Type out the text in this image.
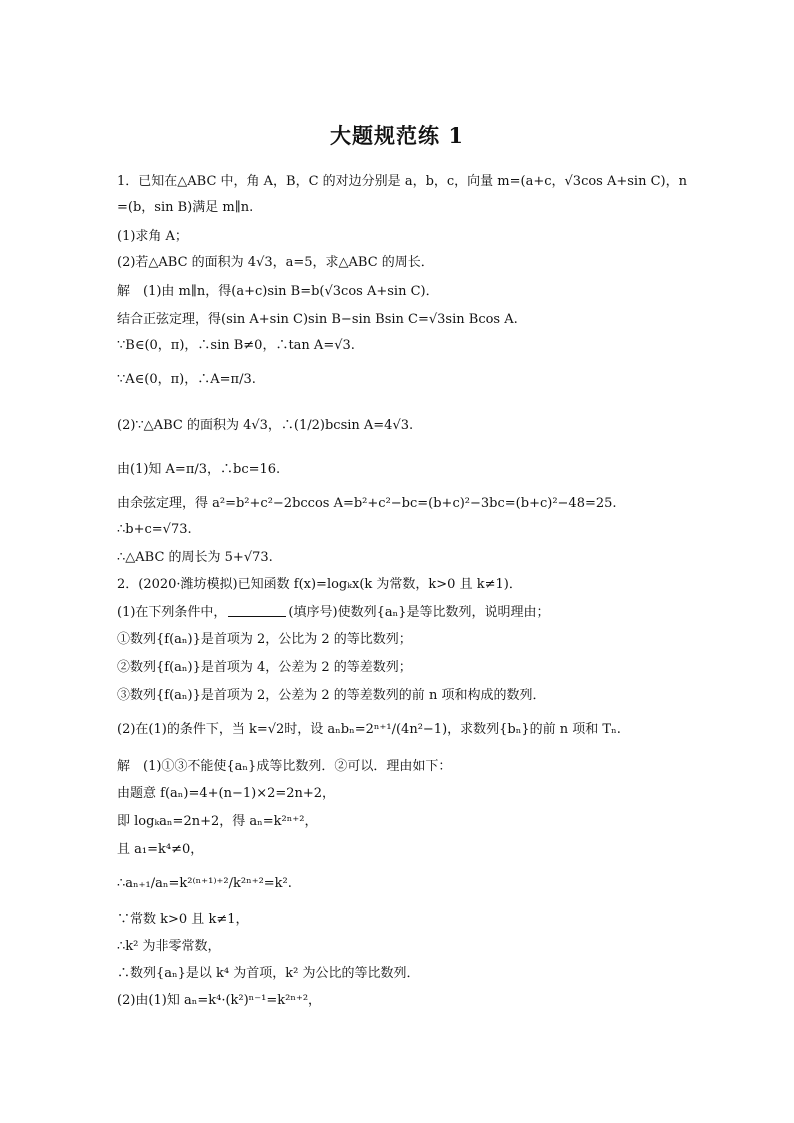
大题规范练 1
1．已知在△ABC 中，角 A，B，C 的对边分别是 a，b，c，向量 m=(a+c，√3cos A+sin C)，n
=(b，sin B)满足 m∥n.
(1)求角 A；
(2)若△ABC 的面积为 4√3，a=5，求△ABC 的周长．
解　(1)由 m∥n，得(a+c)sin B=b(√3cos A+sin C)．
结合正弦定理，得(sin A+sin C)sin B−sin Bsin C=√3sin Bcos A.
∵B∈(0，π)，∴sin B≠0，∴tan A=√3.
∵A∈(0，π)，∴A=π/3.
(2)∵△ABC 的面积为 4√3，∴(1/2)bcsin A=4√3.
由(1)知 A=π/3，∴bc=16.
由余弦定理，得 a²=b²+c²−2bccos A=b²+c²−bc=(b+c)²−3bc=(b+c)²−48=25.
∴b+c=√73.
∴△ABC 的周长为 5+√73.
2．(2020·潍坊模拟)已知函数 f(x)=logₖx(k 为常数，k>0 且 k≠1)．
(1)在下列条件中，	(填序号)使数列{aₙ}是等比数列，说明理由；
①数列{f(aₙ)}是首项为 2，公比为 2 的等比数列；
②数列{f(aₙ)}是首项为 4，公差为 2 的等差数列；
③数列{f(aₙ)}是首项为 2，公差为 2 的等差数列的前 n 项和构成的数列．
(2)在(1)的条件下，当 k=√2时，设 aₙbₙ=2ⁿ⁺¹/(4n²−1)，求数列{bₙ}的前 n 项和 Tₙ.
解　(1)①③不能使{aₙ}成等比数列．②可以．理由如下：
由题意 f(aₙ)=4+(n−1)×2=2n+2，
即 logₖaₙ=2n+2，得 aₙ=k²ⁿ⁺²，
且 a₁=k⁴≠0，
∴aₙ₊₁/aₙ=k²⁽ⁿ⁺¹⁾⁺²/k²ⁿ⁺²=k².
∵常数 k>0 且 k≠1，
∴k² 为非零常数，
∴数列{aₙ}是以 k⁴ 为首项，k² 为公比的等比数列．
(2)由(1)知 aₙ=k⁴·(k²)ⁿ⁻¹=k²ⁿ⁺²，
